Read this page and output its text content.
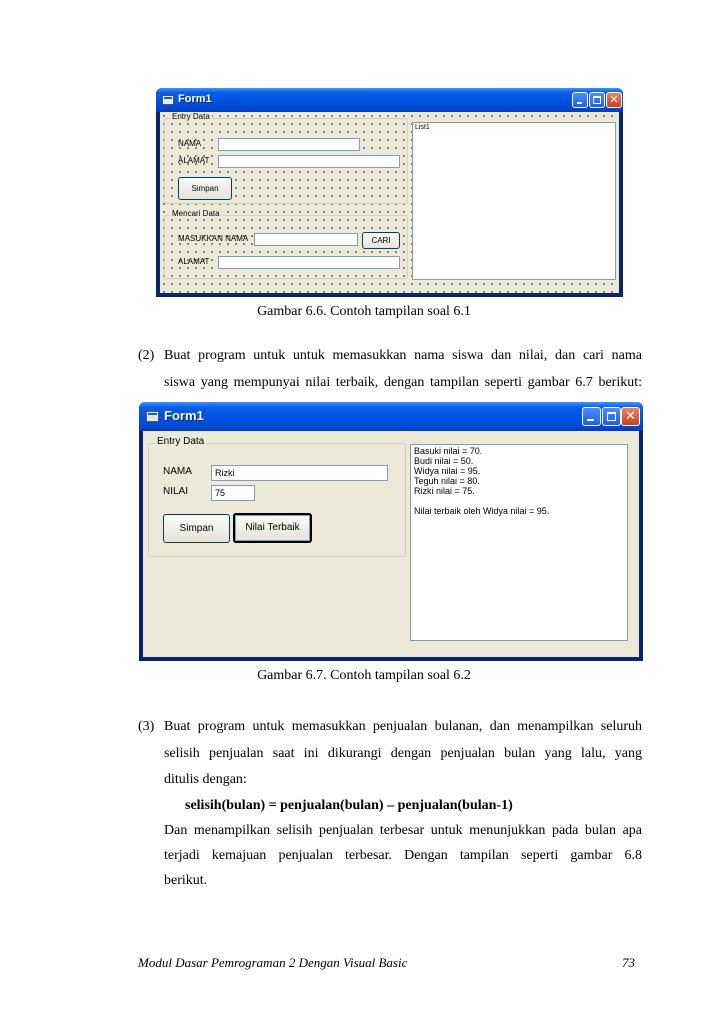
Form1	✕
Entry Data
NAMA
ALAMAT
Simpan
List1
Mencari Data
MASUKKAN NAMA	CARI
ALAMAT
Gambar 6.6. Contoh tampilan soal 6.1
(2) Buat program untuk untuk memasukkan nama siswa dan nilai, dan cari nama
siswa yang mempunyai nilai terbaik, dengan tampilan seperti gambar 6.7 berikut:
Form1	✕
Entry Data
NAMA	Rizki
NILAI	75
Simpan	Nilai Terbaik
Basuki nilai = 70.
Budi nilai = 50.
Widya nilai = 95.
Teguh nilai = 80.
Rizki nilai = 75.
Nilai terbaik oleh Widya nilai = 95.
Gambar 6.7. Contoh tampilan soal 6.2
(3) Buat program untuk memasukkan penjualan bulanan, dan menampilkan seluruh
selisih penjualan saat ini dikurangi dengan penjualan bulan yang lalu, yang
ditulis dengan:
selisih(bulan) = penjualan(bulan) – penjualan(bulan-1)
Dan menampilkan selisih penjualan terbesar untuk menunjukkan pada bulan apa
terjadi kemajuan penjualan terbesar. Dengan tampilan seperti gambar 6.8
berikut.
Modul Dasar Pemrograman 2 Dengan Visual Basic	73
